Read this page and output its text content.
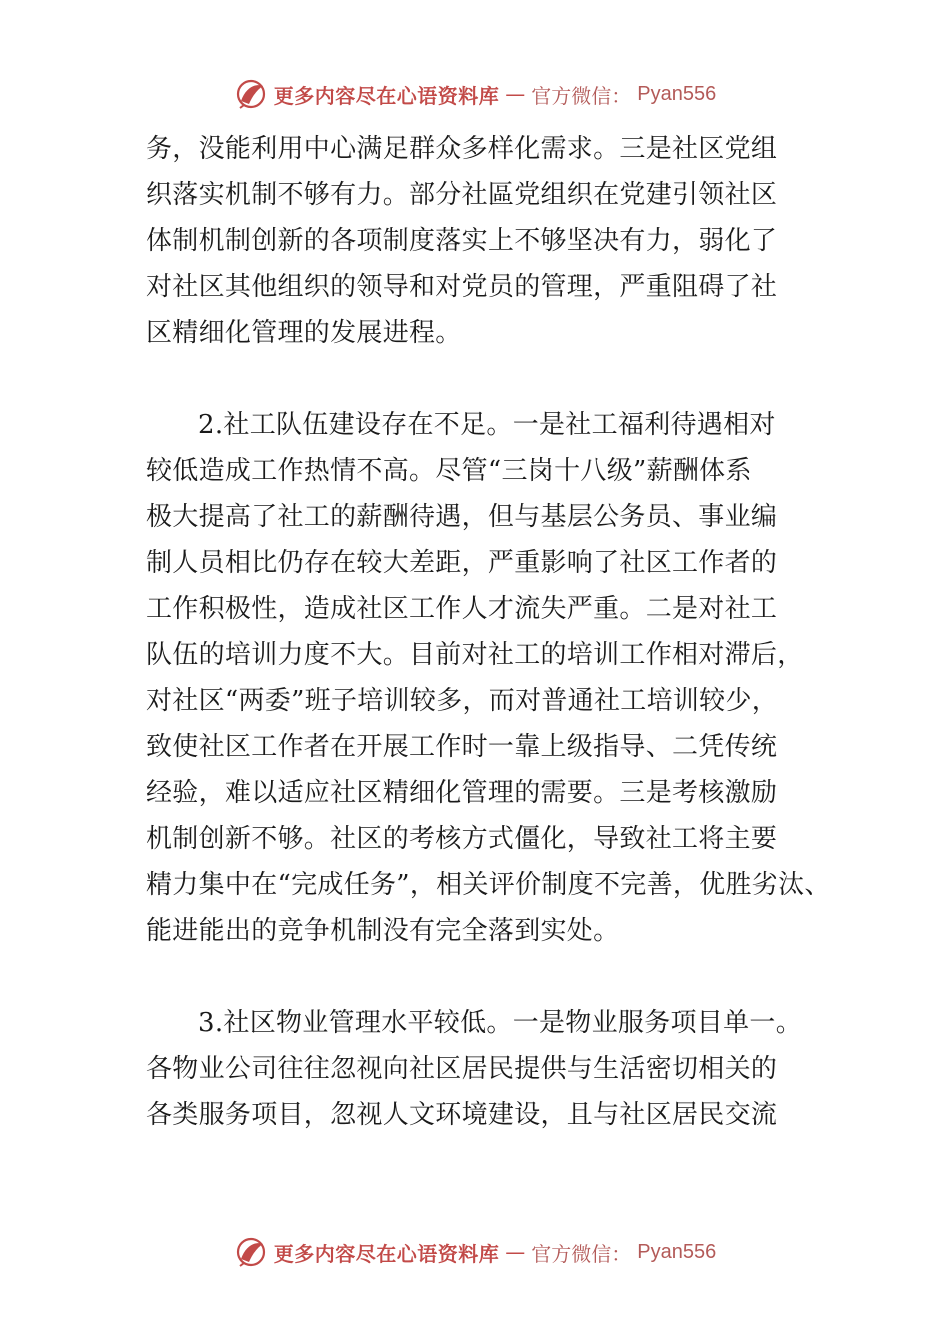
更多内容尽在心语资料库 — 官方微信： Pyan556
务，没能利用中心满足群众多样化需求。三是社区党组
织落实机制不够有力。部分社區党组织在党建引领社区
体制机制创新的各项制度落实上不够坚决有力，弱化了
对社区其他组织的领导和对党员的管理，严重阻碍了社
区精细化管理的发展进程。
2.社工队伍建设存在不足。一是社工福利待遇相对
较低造成工作热情不高。尽管“三岗十八级”薪酬体系
极大提高了社工的薪酬待遇，但与基层公务员、事业编
制人员相比仍存在较大差距，严重影响了社区工作者的
工作积极性，造成社区工作人才流失严重。二是对社工
队伍的培训力度不大。目前对社工的培训工作相对滞后，
对社区“两委”班子培训较多，而对普通社工培训较少，
致使社区工作者在开展工作时一靠上级指导、二凭传统
经验，难以适应社区精细化管理的需要。三是考核激励
机制创新不够。社区的考核方式僵化，导致社工将主要
精力集中在“完成任务”，相关评价制度不完善，优胜劣汰、
能进能出的竞争机制没有完全落到实处。
3.社区物业管理水平较低。一是物业服务项目单一。
各物业公司往往忽视向社区居民提供与生活密切相关的
各类服务项目，忽视人文环境建设，且与社区居民交流
更多内容尽在心语资料库 — 官方微信： Pyan556
